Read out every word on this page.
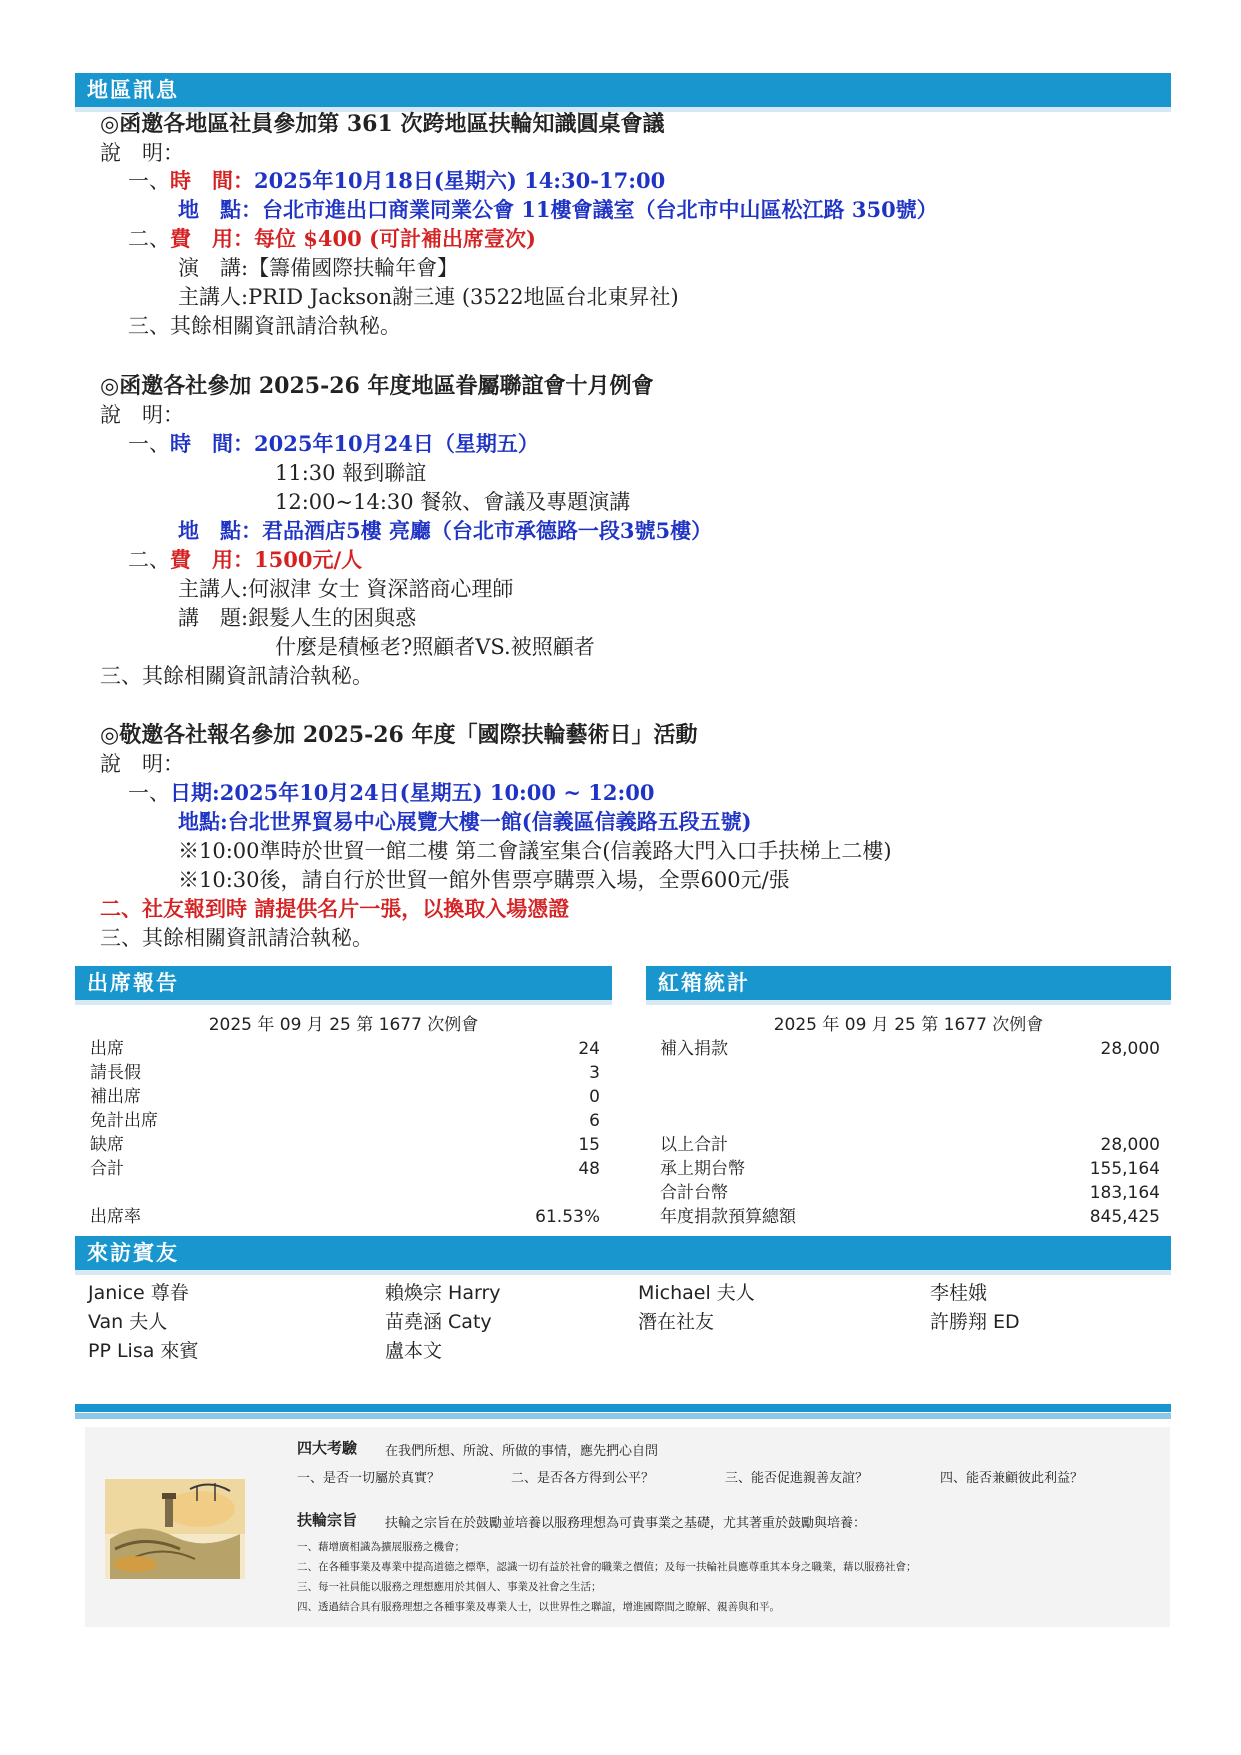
地區訊息
◎函邀各地區社員參加第 361 次跨地區扶輪知識圓桌會議
說　明：
一、時　間：2025年10月18日(星期六) 14:30-17:00
地　點：台北市進出口商業同業公會 11樓會議室（台北市中山區松江路 350號）
二、費　用：每位 $400 (可計補出席壹次)
演　講:【籌備國際扶輪年會】
主講人:PRID Jackson謝三連 (3522地區台北東昇社)
三、其餘相關資訊請洽執秘。
◎函邀各社參加 2025-26 年度地區眷屬聯誼會十月例會
說　明：
一、時　間：2025年10月24日（星期五）
11:30 報到聯誼
12:00~14:30 餐敘、會議及專題演講
地　點：君品酒店5樓 亮廳（台北市承德路一段3號5樓）
二、費　用：1500元/人
主講人:何淑津 女士 資深諮商心理師
講　題:銀髮人生的困與惑
什麼是積極老?照顧者VS.被照顧者
三、其餘相關資訊請洽執秘。
◎敬邀各社報名參加 2025-26 年度「國際扶輪藝術日」活動
說　明：
一、日期:2025年10月24日(星期五) 10:00 ~ 12:00
地點:台北世界貿易中心展覽大樓一館(信義區信義路五段五號)
※10:00準時於世貿一館二樓 第二會議室集合(信義路大門入口手扶梯上二樓)
※10:30後，請自行於世貿一館外售票亭購票入場，全票600元/張
二、社友報到時 請提供名片一張，以換取入場憑證
三、其餘相關資訊請洽執秘。
出席報告
2025 年 09 月 25 第 1677 次例會
出席	24
請長假	3
補出席	0
免計出席	6
缺席	15
合計	48
出席率	61.53%
紅箱統計
2025 年 09 月 25 第 1677 次例會
補入捐款	28,000
以上合計	28,000
承上期台幣	155,164
合計台幣	183,164
年度捐款預算總額	845,425
來訪賓友
Janice 尊眷	賴煥宗 Harry	Michael 夫人	李桂娥
Van 夫人	苗堯涵 Caty	潛在社友	許勝翔 ED
PP Lisa 來賓	盧本文
四大考驗 在我們所想、所說、所做的事情，應先捫心自問
一、是否一切屬於真實？	二、是否各方得到公平？	三、能否促進親善友誼？	四、能否兼顧彼此利益？
扶輪宗旨 扶輪之宗旨在於鼓勵並培養以服務理想為可貴事業之基礎，尤其著重於鼓勵與培養：
一、藉增廣相識為擴展服務之機會；
二、在各種事業及專業中提高道德之標準，認識一切有益於社會的職業之價值；及每一扶輪社員應尊重其本身之職業，藉以服務社會；
三、每一社員能以服務之理想應用於其個人、事業及社會之生活；
四、透過結合具有服務理想之各種事業及專業人士，以世界性之聯誼，增進國際間之瞭解、親善與和平。
